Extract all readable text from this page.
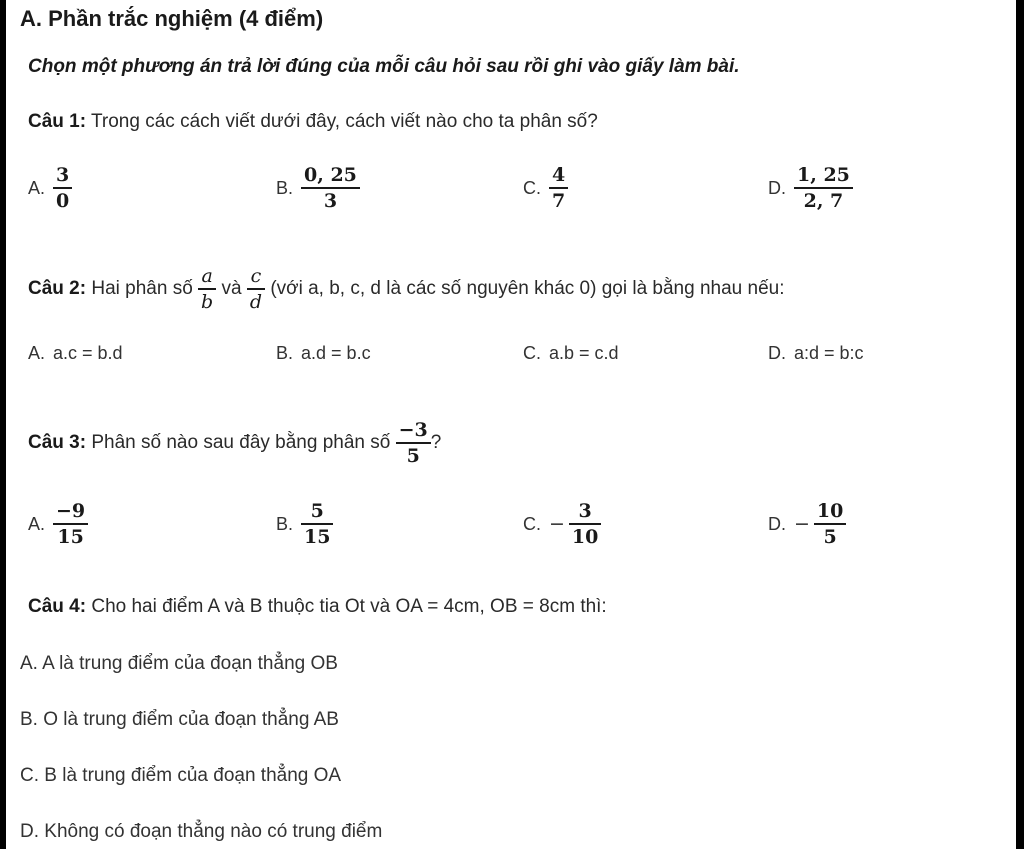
A. Phần trắc nghiệm (4 điểm)
Chọn một phương án trả lời đúng của mỗi câu hỏi sau rồi ghi vào giấy làm bài.
Câu 1: Trong các cách viết dưới đây, cách viết nào cho ta phân số?
A. $\frac{3}{0}$	B. $\frac{0, 25}{3}$	C. $\frac{4}{7}$	D. $\frac{1, 25}{2, 7}$
Câu 2:
Hai phân số
$\frac{a}{b}$
và
$\frac{c}{d}$
(với a, b, c, d là các số nguyên khác 0) gọi là bằng nhau nếu:
A. a.c = b.d	B. a.d = b.c	C. a.b = c.d	D. a:d = b:c
Câu 3:
Phân số nào sau đây bằng phân số
$\frac{-3}{5}$ ?
A. $\frac{-9}{15}$	B. $\frac{5}{15}$	C. − $\frac{3}{10}$	D. − $\frac{10}{5}$
Câu 4: Cho hai điểm A và B thuộc tia Ot và OA = 4cm, OB = 8cm thì:
A. A là trung điểm của đoạn thẳng OB
B. O là trung điểm của đoạn thẳng AB
C. B là trung điểm của đoạn thẳng OA
D. Không có đoạn thẳng nào có trung điểm
